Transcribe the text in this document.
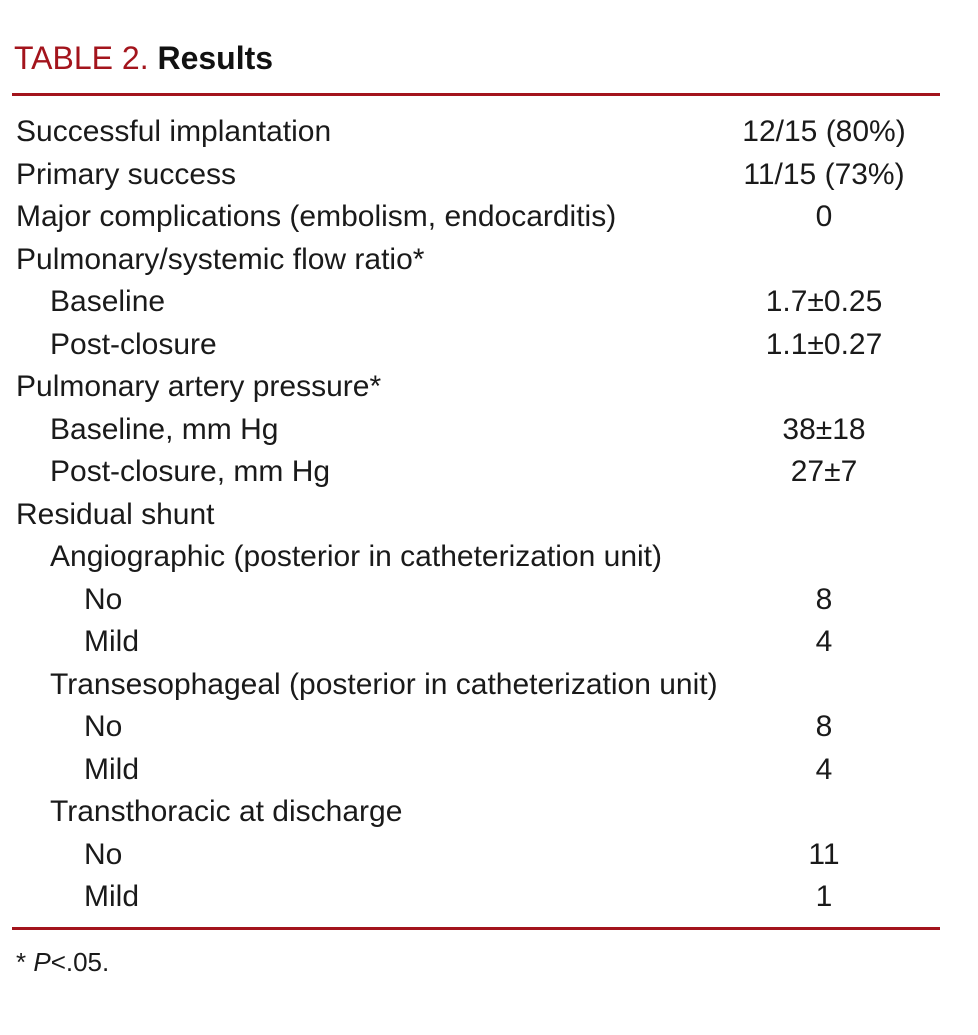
TABLE 2. Results
Successful implantation	12/15 (80%)
Primary success	11/15 (73%)
Major complications (embolism, endocarditis)	0
Pulmonary/systemic flow ratio*
Baseline	1.7±0.25
Post-closure	1.1±0.27
Pulmonary artery pressure*
Baseline, mm Hg	38±18
Post-closure, mm Hg	27±7
Residual shunt
Angiographic (posterior in catheterization unit)
No	8
Mild	4
Transesophageal (posterior in catheterization unit)
No	8
Mild	4
Transthoracic at discharge
No	11
Mild	1
* P<.05.
